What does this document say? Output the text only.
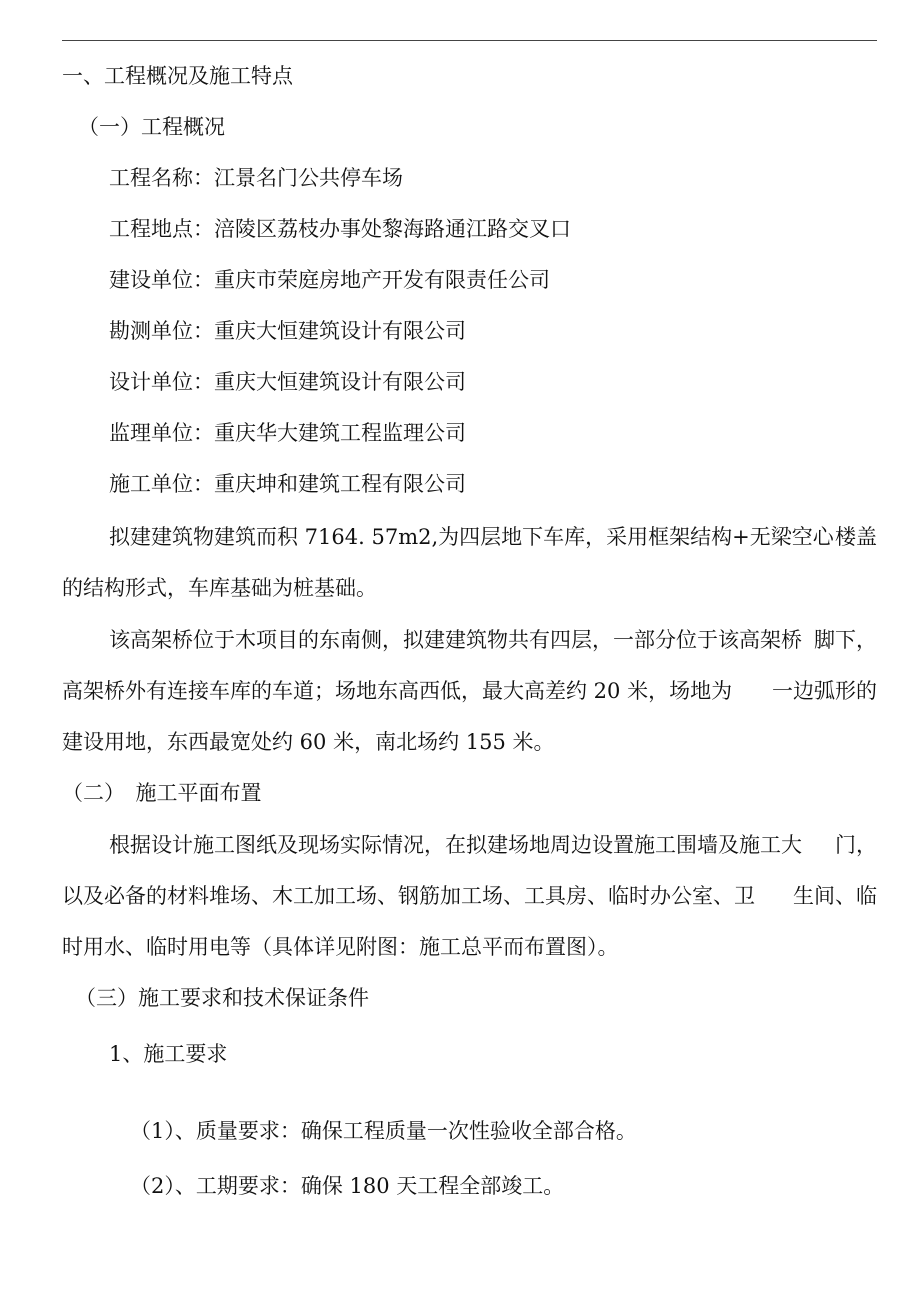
一、工程概况及施工特点
（一）工程概况
工程名称：江景名门公共停车场
工程地点：涪陵区荔枝办事处黎海路通江路交叉口
建设单位：重庆市荣庭房地产开发有限责任公司
勘测单位：重庆大恒建筑设计有限公司
设计单位：重庆大恒建筑设计有限公司
监理单位：重庆华大建筑工程监理公司
施工单位：重庆坤和建筑工程有限公司
拟建建筑物建筑而积 7164. 57m2,为四层地下车库，采用框架结构+无梁空心 楼盖
的结构形式，车库基础为桩基础。
该高架桥位于木项目的东南侧，拟建建筑物共有四层，一部分位于该高架桥 脚下，
高架桥外有连接车库的车道；场地东高西低，最大高差约 20 米，场地为 一边弧形的
建设用地，东西最宽处约 60 米，南北场约 155 米。
（二）　施工平面布置
根据设计施工图纸及现场实际情况，在拟建场地周边设置施工围墙及施工大 门，
以及必备的材料堆场、木工加工场、钢筋加工场、工具房、临时办公室、卫 生间、临
时用水、临时用电等（具体详见附图：施工总平而布置图）。
（三）施工要求和技术保证条件
1、施工要求
（1）、质量要求：确保工程质量一次性验收全部合格。
（2）、工期要求：确保 180 天工程全部竣工。
